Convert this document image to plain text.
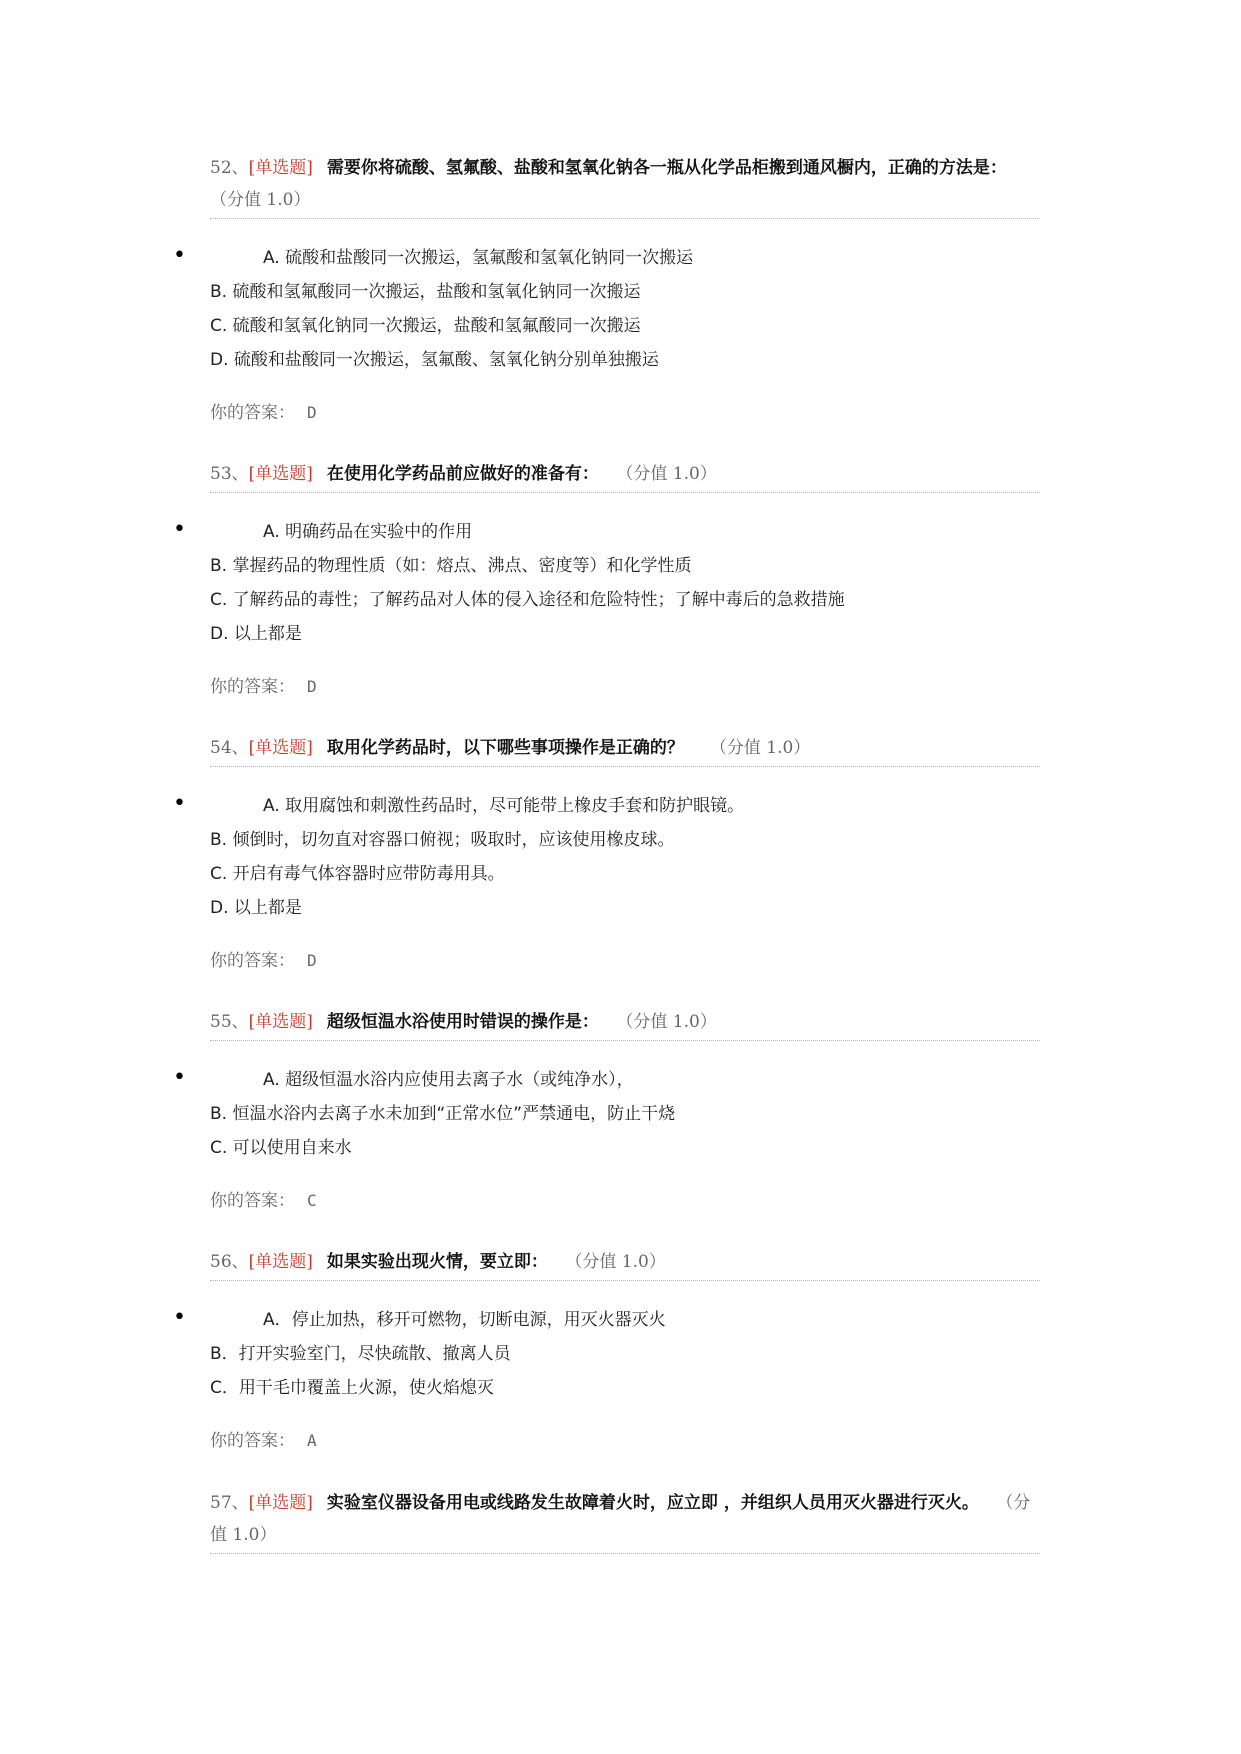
52、[单选题] 需要你将硫酸、氢氟酸、盐酸和氢氧化钠各一瓶从化学品柜搬到通风橱内，正确的方法是：（分值 1.0）
•	A. 硫酸和盐酸同一次搬运，氢氟酸和氢氧化钠同一次搬运
B. 硫酸和氢氟酸同一次搬运，盐酸和氢氧化钠同一次搬运
C. 硫酸和氢氧化钠同一次搬运，盐酸和氢氟酸同一次搬运
D. 硫酸和盐酸同一次搬运，氢氟酸、氢氧化钠分别单独搬运
你的答案： D
53、[单选题] 在使用化学药品前应做好的准备有： （分值 1.0）
•	A. 明确药品在实验中的作用
B. 掌握药品的物理性质（如：熔点、沸点、密度等）和化学性质
C. 了解药品的毒性；了解药品对人体的侵入途径和危险特性；了解中毒后的急救措施
D. 以上都是
你的答案： D
54、[单选题] 取用化学药品时，以下哪些事项操作是正确的？ （分值 1.0）
•	A. 取用腐蚀和刺激性药品时，尽可能带上橡皮手套和防护眼镜。
B. 倾倒时，切勿直对容器口俯视；吸取时，应该使用橡皮球。
C. 开启有毒气体容器时应带防毒用具。
D. 以上都是
你的答案： D
55、[单选题] 超级恒温水浴使用时错误的操作是： （分值 1.0）
•	A. 超级恒温水浴内应使用去离子水（或纯净水），
B. 恒温水浴内去离子水未加到“正常水位”严禁通电，防止干烧
C. 可以使用自来水
你的答案： C
56、[单选题] 如果实验出现火情，要立即： （分值 1.0）
•	A．停止加热，移开可燃物，切断电源，用灭火器灭火
B．打开实验室门，尽快疏散、撤离人员
C．用干毛巾覆盖上火源，使火焰熄灭
你的答案： A
57、[单选题] 实验室仪器设备用电或线路发生故障着火时，应立即 ，并组织人员用灭火器进行灭火。 （分值 1.0）
